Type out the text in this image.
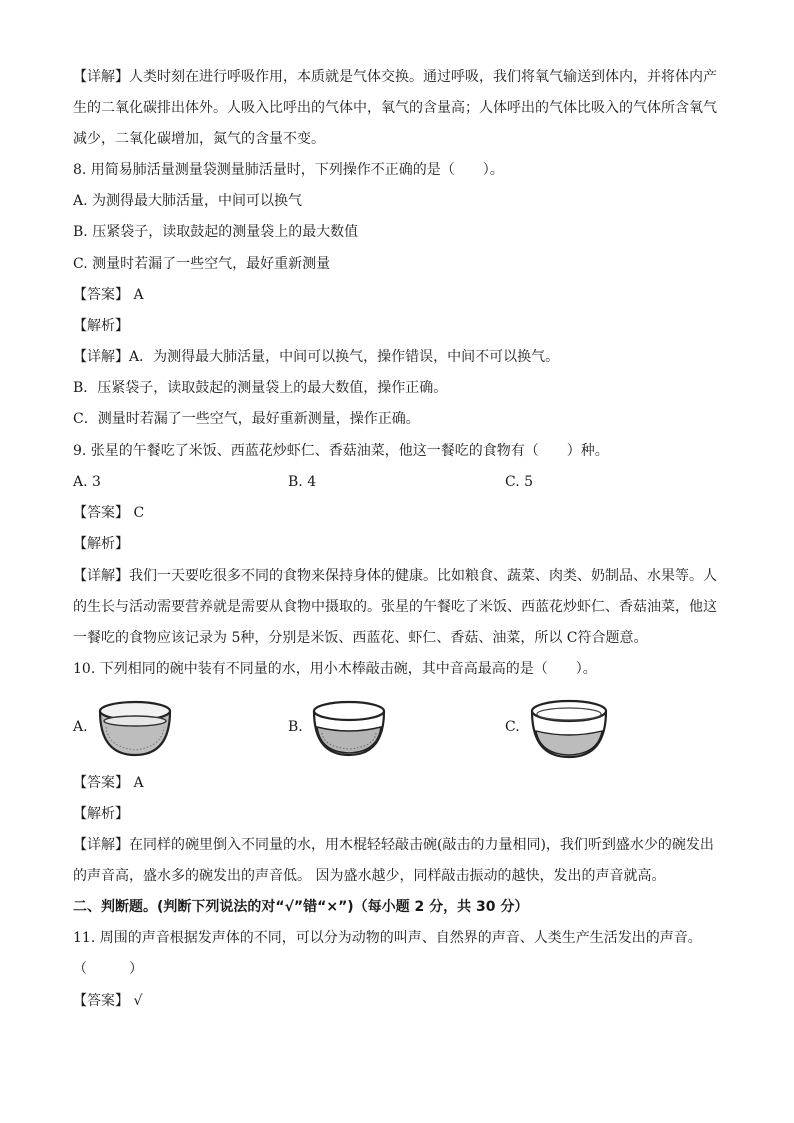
【详解】人类时刻在进行呼吸作用，本质就是气体交换。通过呼吸，我们将氧气输送到体内，并将体内产
生的二氧化碳排出体外。人吸入比呼出的气体中，氧气的含量高；人体呼出的气体比吸入的气体所含氧气
减少，二氧化碳增加，氮气的含量不变。
8. 用简易肺活量测量袋测量肺活量时，下列操作不正确的是（　　）。
A. 为测得最大肺活量，中间可以换气
B. 压紧袋子，读取鼓起的测量袋上的最大数值
C. 测量时若漏了一些空气，最好重新测量
【答案】 A
【解析】
【详解】A．为测得最大肺活量，中间可以换气，操作错误，中间不可以换气。
B．压紧袋子，读取鼓起的测量袋上的最大数值，操作正确。
C．测量时若漏了一些空气，最好重新测量，操作正确。
9. 张星的午餐吃了米饭、西蓝花炒虾仁、香菇油菜，他这一餐吃的食物有（　　）种。
A. 3	B. 4	C. 5
【答案】 C
【解析】
【详解】我们一天要吃很多不同的食物来保持身体的健康。比如粮食、蔬菜、肉类、奶制品、水果等。人
的生长与活动需要营养就是需要从食物中摄取的。张星的午餐吃了米饭、西蓝花炒虾仁、香菇油菜，他这
一餐吃的食物应该记录为 5种，分别是米饭、西蓝花、虾仁、香菇、油菜，所以 C符合题意。
10. 下列相同的碗中装有不同量的水，用小木棒敲击碗，其中音高最高的是（　　）。
A.	B.	C.
【答案】 A
【解析】
【详解】在同样的碗里倒入不同量的水，用木棍轻轻敲击碗(敲击的力量相同)，我们听到盛水少的碗发出
的声音高，盛水多的碗发出的声音低。 因为盛水越少，同样敲击振动的越快，发出的声音就高。
二、判断题。(判断下列说法的对“√”错“×”)（每小题 2 分，共 30 分）
11. 周围的声音根据发声体的不同，可以分为动物的叫声、自然界的声音、人类生产生活发出的声音。
（　　　）
【答案】 √
